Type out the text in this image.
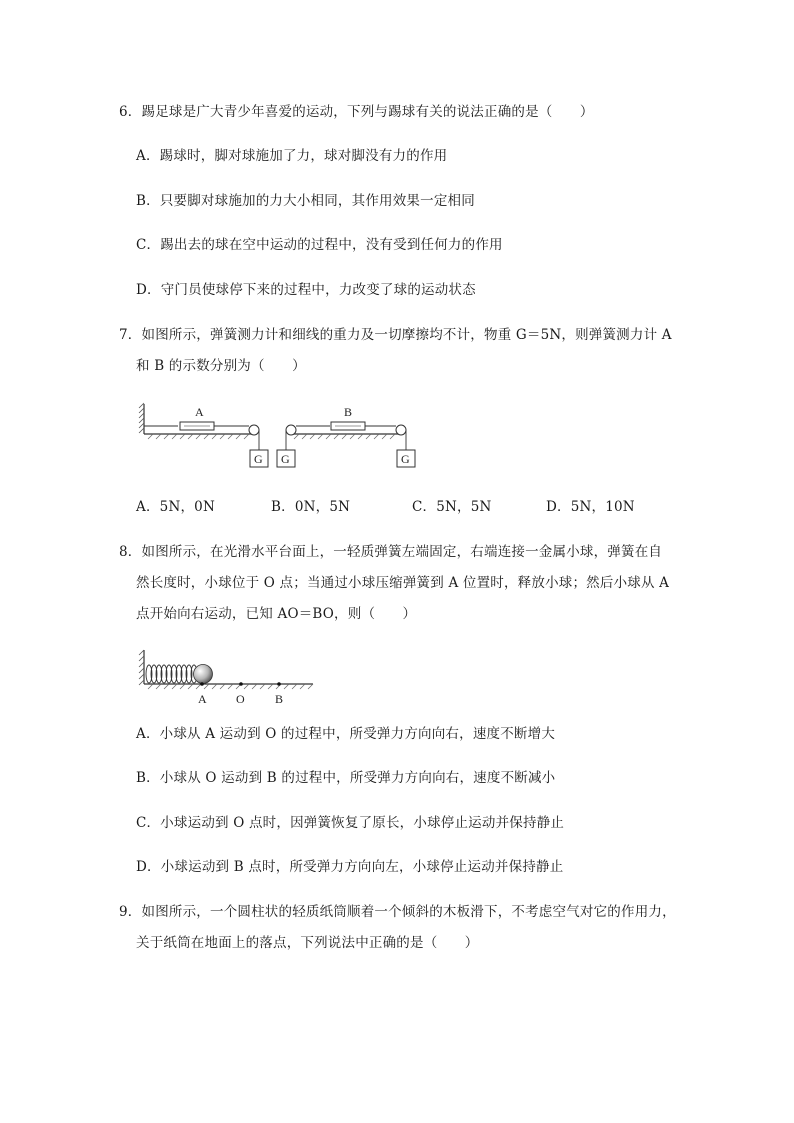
6．踢足球是广大青少年喜爱的运动，下列与踢球有关的说法正确的是（　　）
A．踢球时，脚对球施加了力，球对脚没有力的作用
B．只要脚对球施加的力大小相同，其作用效果一定相同
C．踢出去的球在空中运动的过程中，没有受到任何力的作用
D．守门员使球停下来的过程中，力改变了球的运动状态
7．如图所示，弹簧测力计和细线的重力及一切摩擦均不计，物重 G＝5N，则弹簧测力计 A
和 B 的示数分别为（　　）
A
G G
B
G
A．5N，0N	B．0N，5N	C．5N，5N	D．5N，10N
8．如图所示，在光滑水平台面上，一轻质弹簧左端固定，右端连接一金属小球，弹簧在自
然长度时，小球位于 O 点；当通过小球压缩弹簧到 A 位置时，释放小球；然后小球从 A
点开始向右运动，已知 AO＝BO，则（　　）
A O	B
A．小球从 A 运动到 O 的过程中，所受弹力方向向右，速度不断增大
B．小球从 O 运动到 B 的过程中，所受弹力方向向右，速度不断减小
C．小球运动到 O 点时，因弹簧恢复了原长，小球停止运动并保持静止
D．小球运动到 B 点时，所受弹力方向向左，小球停止运动并保持静止
9．如图所示，一个圆柱状的轻质纸筒顺着一个倾斜的木板滑下，不考虑空气对它的作用力，
关于纸筒在地面上的落点，下列说法中正确的是（　　）
